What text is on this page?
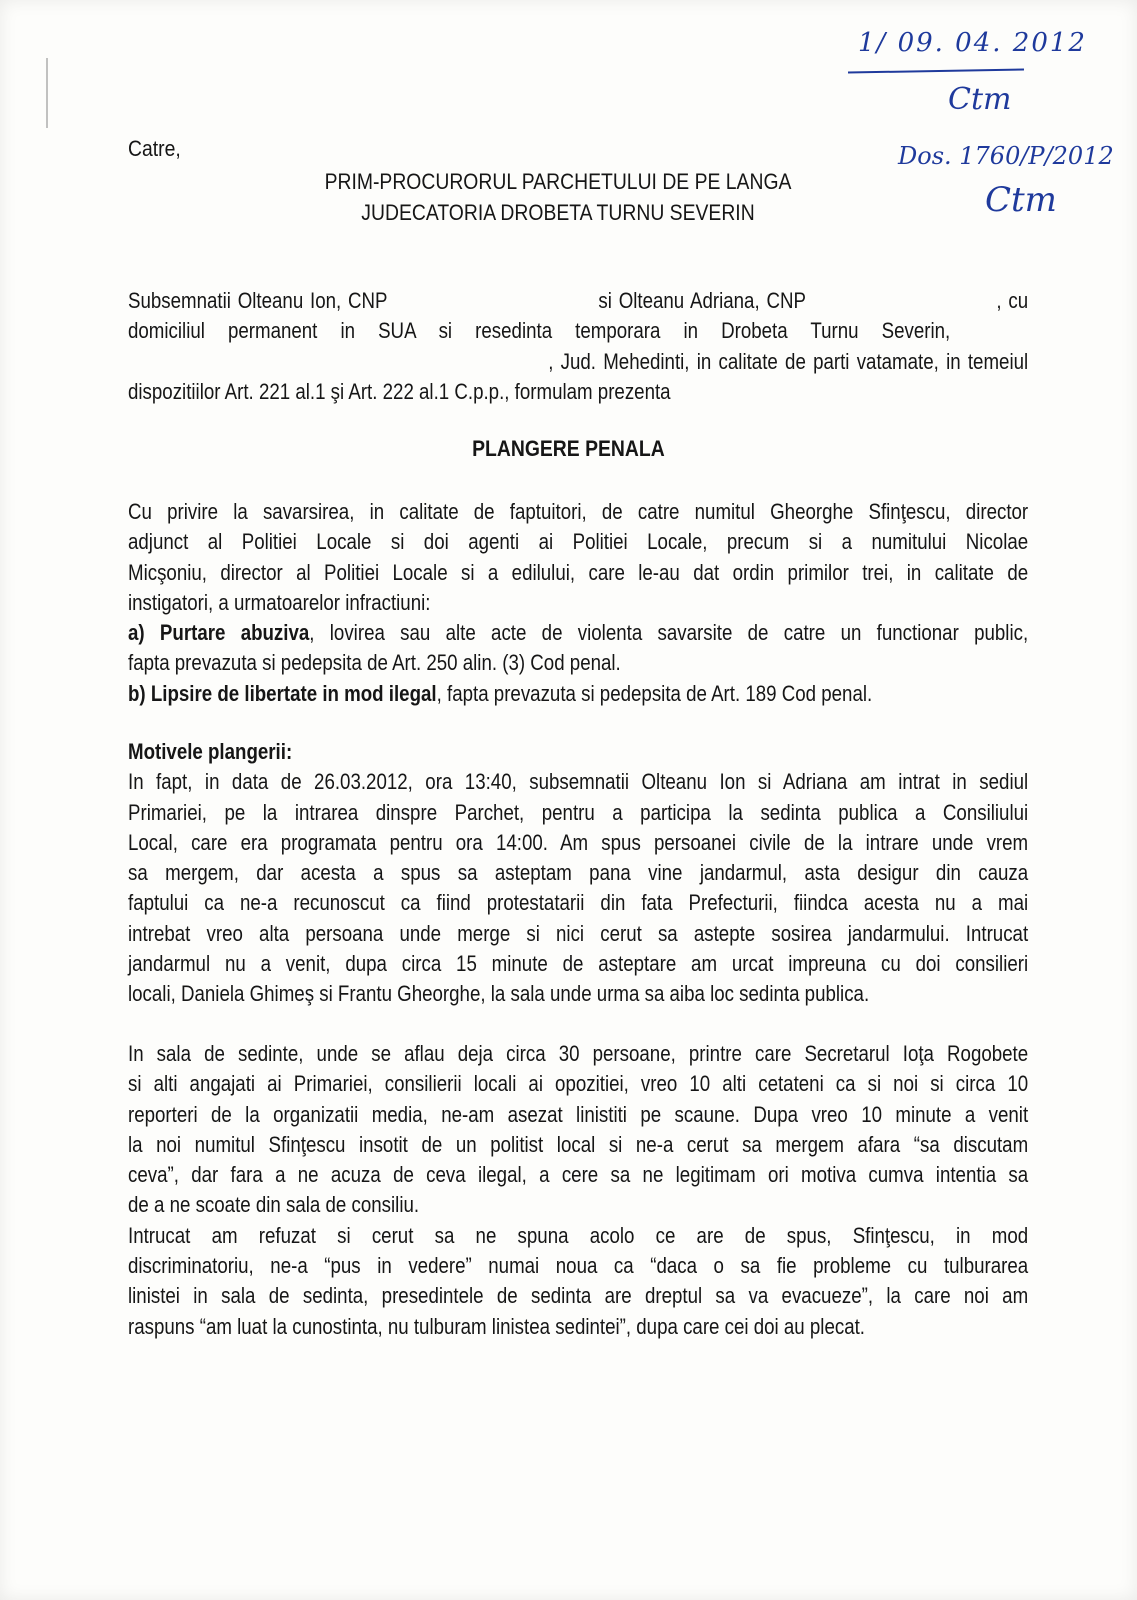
1/ 09. 04. 2012
Ctm
Dos. 1760/P/2012
Ctm
Catre,
PRIM-PROCURORUL PARCHETULUI DE PE LANGA
JUDECATORIA DROBETA TURNU SEVERIN
Subsemnatii Olteanu Ion, CNP                               si Olteanu Adriana, CNP                            , cu
domiciliul permanent in SUA si resedinta temporara in Drobeta Turnu Severin,
, Jud. Mehedinti, in calitate de parti vatamate, in temeiul
dispozitiilor Art. 221 al.1 şi Art. 222 al.1 C.p.p., formulam prezenta
PLANGERE PENALA
Cu privire la savarsirea, in calitate de faptuitori, de catre numitul Gheorghe Sfinţescu, director
adjunct al Politiei Locale si doi agenti ai Politiei Locale, precum si a numitului Nicolae
Micşoniu, director al Politiei Locale si a edilului, care le-au dat ordin primilor trei, in calitate de
instigatori, a urmatoarelor infractiuni:
a) Purtare abuziva, lovirea sau alte acte de violenta savarsite de catre un functionar public,
fapta prevazuta si pedepsita de Art. 250 alin. (3) Cod penal.
b) Lipsire de libertate in mod ilegal, fapta prevazuta si pedepsita de Art. 189 Cod penal.
Motivele plangerii:
In fapt, in data de 26.03.2012, ora 13:40, subsemnatii Olteanu Ion si Adriana am intrat in sediul
Primariei, pe la intrarea dinspre Parchet, pentru a participa la sedinta publica a Consiliului
Local, care era programata pentru ora 14:00. Am spus persoanei civile de la intrare unde vrem
sa mergem, dar acesta a spus sa asteptam pana vine jandarmul, asta desigur din cauza
faptului ca ne-a recunoscut ca fiind protestatarii din fata Prefecturii, fiindca acesta nu a mai
intrebat vreo alta persoana unde merge si nici cerut sa astepte sosirea jandarmului. Intrucat
jandarmul nu a venit, dupa circa 15 minute de asteptare am urcat impreuna cu doi consilieri
locali, Daniela Ghimeş si Frantu Gheorghe, la sala unde urma sa aiba loc sedinta publica.
In sala de sedinte, unde se aflau deja circa 30 persoane, printre care Secretarul Ioţa Rogobete
si alti angajati ai Primariei, consilierii locali ai opozitiei, vreo 10 alti cetateni ca si noi si circa 10
reporteri de la organizatii media, ne-am asezat linistiti pe scaune. Dupa vreo 10 minute a venit
la noi numitul Sfinţescu insotit de un politist local si ne-a cerut sa mergem afara “sa discutam
ceva”, dar fara a ne acuza de ceva ilegal, a cere sa ne legitimam ori motiva cumva intentia sa
de a ne scoate din sala de consiliu.
Intrucat am refuzat si cerut sa ne spuna acolo ce are de spus, Sfinţescu, in mod
discriminatoriu, ne-a “pus in vedere” numai noua ca “daca o sa fie probleme cu tulburarea
linistei in sala de sedinta, presedintele de sedinta are dreptul sa va evacueze”, la care noi am
raspuns “am luat la cunostinta, nu tulburam linistea sedintei”, dupa care cei doi au plecat.
